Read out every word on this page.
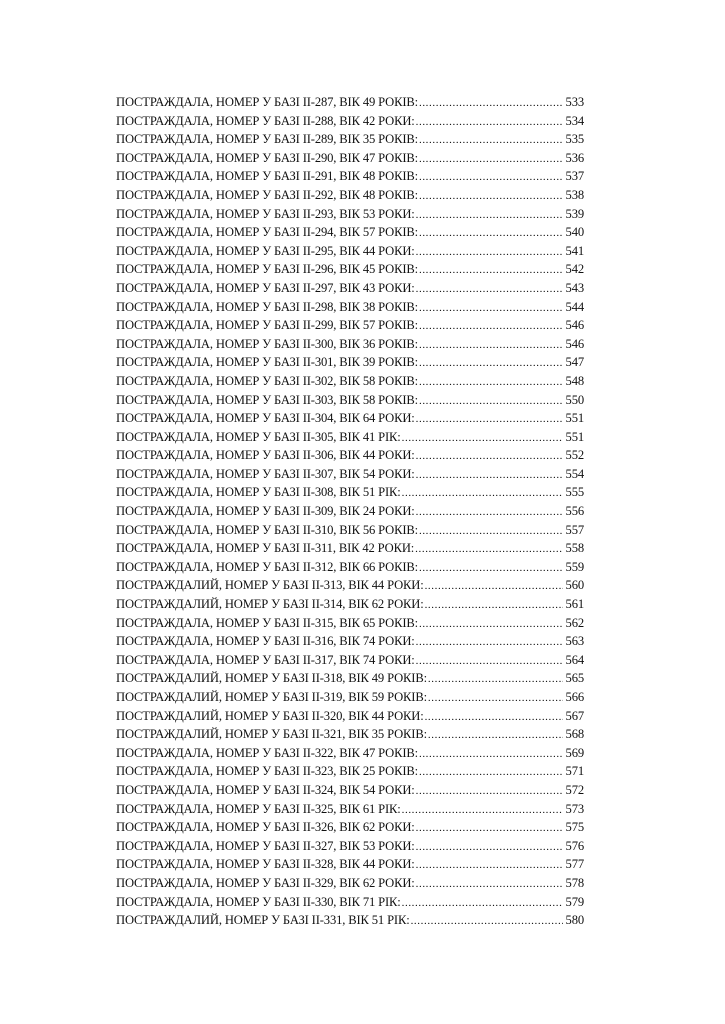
ПОСТРАЖДАЛА, НОМЕР У БАЗІ ІІ-287, ВІК 49 РОКІВ: .....	533
ПОСТРАЖДАЛА, НОМЕР У БАЗІ ІІ-288, ВІК 42 РОКИ: .....	534
ПОСТРАЖДАЛА, НОМЕР У БАЗІ ІІ-289, ВІК 35 РОКІВ: .....	535
ПОСТРАЖДАЛА, НОМЕР У БАЗІ ІІ-290, ВІК 47 РОКІВ: .....	536
ПОСТРАЖДАЛА, НОМЕР У БАЗІ ІІ-291, ВІК 48 РОКІВ: .....	537
ПОСТРАЖДАЛА, НОМЕР У БАЗІ ІІ-292, ВІК 48 РОКІВ: .....	538
ПОСТРАЖДАЛА, НОМЕР У БАЗІ ІІ-293, ВІК 53 РОКИ: .....	539
ПОСТРАЖДАЛА, НОМЕР У БАЗІ ІІ-294, ВІК 57 РОКІВ: .....	540
ПОСТРАЖДАЛА, НОМЕР У БАЗІ ІІ-295, ВІК 44 РОКИ: .....	541
ПОСТРАЖДАЛА, НОМЕР У БАЗІ ІІ-296, ВІК 45 РОКІВ: .....	542
ПОСТРАЖДАЛА, НОМЕР У БАЗІ ІІ-297, ВІК 43 РОКИ: .....	543
ПОСТРАЖДАЛА, НОМЕР У БАЗІ ІІ-298, ВІК 38 РОКІВ: .....	544
ПОСТРАЖДАЛА, НОМЕР У БАЗІ ІІ-299, ВІК 57 РОКІВ: .....	546
ПОСТРАЖДАЛА, НОМЕР У БАЗІ ІІ-300, ВІК 36 РОКІВ: .....	546
ПОСТРАЖДАЛА, НОМЕР У БАЗІ ІІ-301, ВІК 39 РОКІВ: .....	547
ПОСТРАЖДАЛА, НОМЕР У БАЗІ ІІ-302, ВІК 58 РОКІВ: .....	548
ПОСТРАЖДАЛА, НОМЕР У БАЗІ ІІ-303, ВІК 58 РОКІВ: .....	550
ПОСТРАЖДАЛА, НОМЕР У БАЗІ ІІ-304, ВІК 64 РОКИ: .....	551
ПОСТРАЖДАЛА, НОМЕР У БАЗІ ІІ-305, ВІК 41 РІК: .....	551
ПОСТРАЖДАЛА, НОМЕР У БАЗІ ІІ-306, ВІК 44 РОКИ: .....	552
ПОСТРАЖДАЛА, НОМЕР У БАЗІ ІІ-307, ВІК 54 РОКИ: .....	554
ПОСТРАЖДАЛА, НОМЕР У БАЗІ ІІ-308, ВІК 51 РІК: .....	555
ПОСТРАЖДАЛА, НОМЕР У БАЗІ ІІ-309, ВІК 24 РОКИ: .....	556
ПОСТРАЖДАЛА, НОМЕР У БАЗІ ІІ-310, ВІК 56 РОКІВ: .....	557
ПОСТРАЖДАЛА, НОМЕР У БАЗІ ІІ-311, ВІК 42 РОКИ: .....	558
ПОСТРАЖДАЛА, НОМЕР У БАЗІ ІІ-312, ВІК 66 РОКІВ: .....	559
ПОСТРАЖДАЛИЙ, НОМЕР У БАЗІ ІІ-313, ВІК 44 РОКИ: .....	560
ПОСТРАЖДАЛИЙ, НОМЕР У БАЗІ ІІ-314, ВІК 62 РОКИ: .....	561
ПОСТРАЖДАЛА, НОМЕР У БАЗІ ІІ-315, ВІК 65 РОКІВ: .....	562
ПОСТРАЖДАЛА, НОМЕР У БАЗІ ІІ-316, ВІК 74 РОКИ: .....	563
ПОСТРАЖДАЛА, НОМЕР У БАЗІ ІІ-317, ВІК 74 РОКИ: .....	564
ПОСТРАЖДАЛИЙ, НОМЕР У БАЗІ ІІ-318, ВІК 49 РОКІВ: .....	565
ПОСТРАЖДАЛИЙ, НОМЕР У БАЗІ ІІ-319, ВІК 59 РОКІВ: .....	566
ПОСТРАЖДАЛИЙ, НОМЕР У БАЗІ ІІ-320, ВІК 44 РОКИ: .....	567
ПОСТРАЖДАЛИЙ, НОМЕР У БАЗІ ІІ-321, ВІК 35 РОКІВ: .....	568
ПОСТРАЖДАЛА, НОМЕР У БАЗІ ІІ-322, ВІК 47 РОКІВ: .....	569
ПОСТРАЖДАЛА, НОМЕР У БАЗІ ІІ-323, ВІК 25 РОКІВ: .....	571
ПОСТРАЖДАЛА, НОМЕР У БАЗІ ІІ-324, ВІК 54 РОКИ: .....	572
ПОСТРАЖДАЛА, НОМЕР У БАЗІ ІІ-325, ВІК 61 РІК: .....	573
ПОСТРАЖДАЛА, НОМЕР У БАЗІ ІІ-326, ВІК 62 РОКИ: .....	575
ПОСТРАЖДАЛА, НОМЕР У БАЗІ ІІ-327, ВІК 53 РОКИ: .....	576
ПОСТРАЖДАЛА, НОМЕР У БАЗІ ІІ-328, ВІК 44 РОКИ: .....	577
ПОСТРАЖДАЛА, НОМЕР У БАЗІ ІІ-329, ВІК 62 РОКИ: .....	578
ПОСТРАЖДАЛА, НОМЕР У БАЗІ ІІ-330, ВІК 71 РІК: .....	579
ПОСТРАЖДАЛИЙ, НОМЕР У БАЗІ ІІ-331, ВІК 51 РІК: .....	580
